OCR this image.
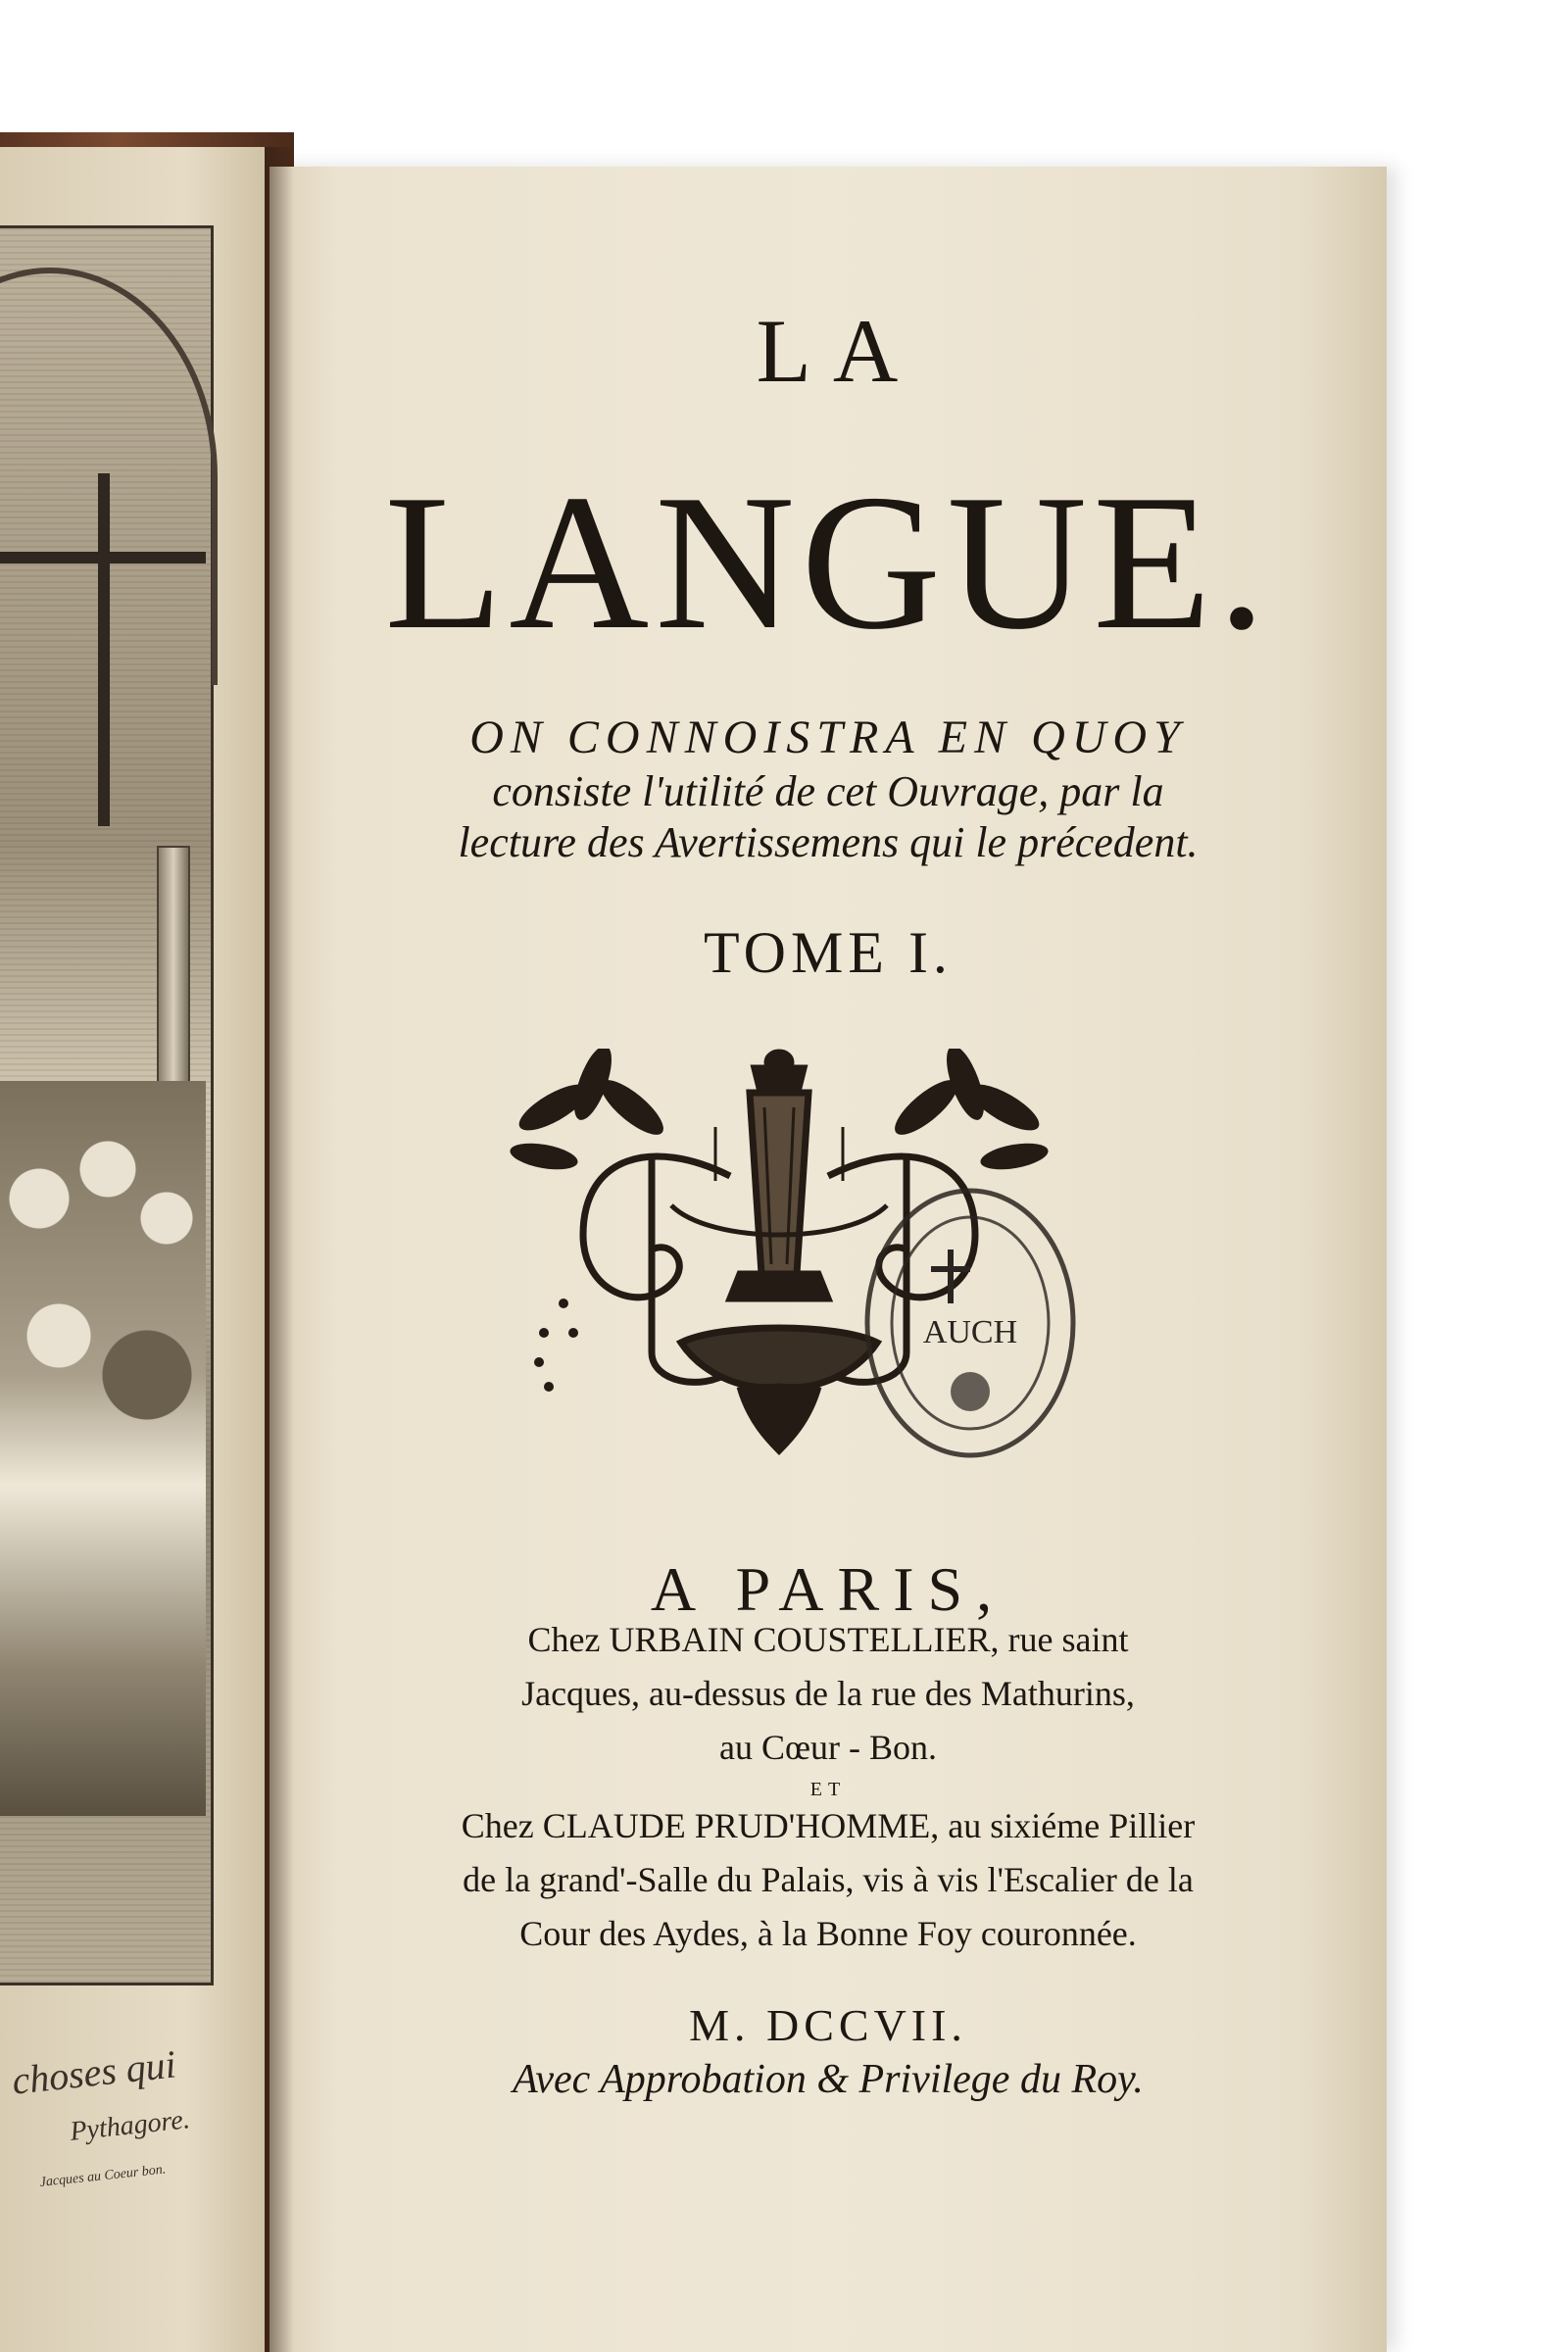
choses qui
Pythagore.
Jacques au Coeur bon.
LA
LANGUE.
ON CONNOISTRA EN QUOY
consiste l'utilité de cet Ouvrage, par la
lecture des Avertissemens qui le précedent.
TOME I.
AUCH
A PARIS,
Chez URBAIN COUSTELLIER, rue saint
Jacques, au-dessus de la rue des Mathurins,
au Cœur - Bon.
ET
Chez CLAUDE PRUD'HOMME, au sixiéme Pillier
de la grand'-Salle du Palais, vis à vis l'Escalier de la
Cour des Aydes, à la Bonne Foy couronnée.
M. DCCVII.
Avec Approbation & Privilege du Roy.
